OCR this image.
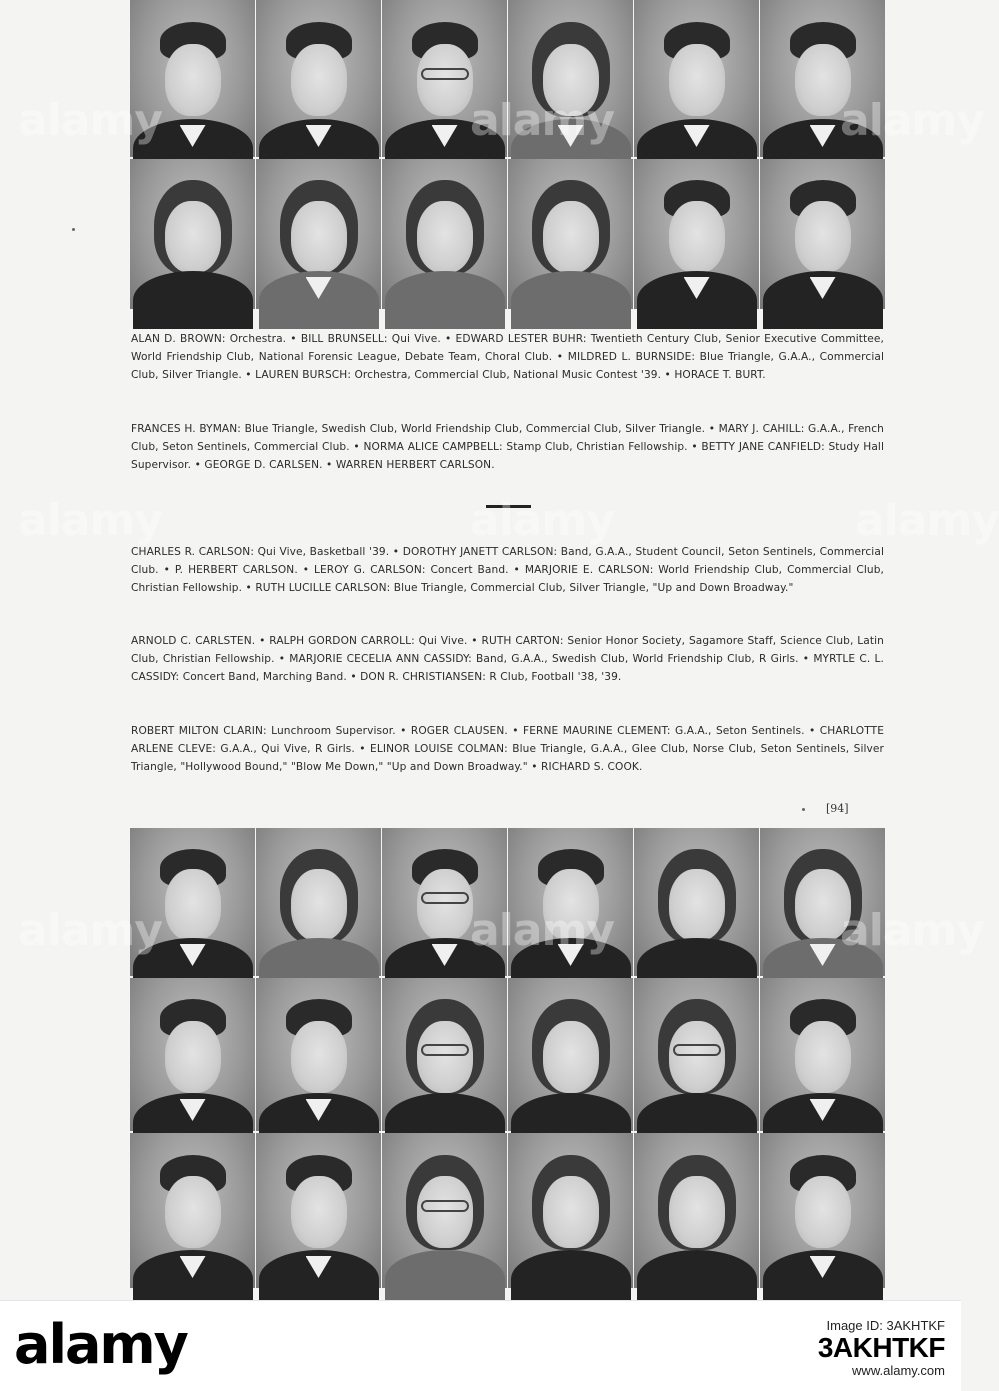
ALAN D. BROWN: Orchestra. • BILL BRUNSELL: Qui Vive. • EDWARD LESTER BUHR: Twentieth Century Club, Senior Executive Committee, World Friendship Club, National Forensic League, Debate Team, Choral Club. • MILDRED L. BURNSIDE: Blue Triangle, G.A.A., Commercial Club, Silver Triangle. • LAUREN BURSCH: Orchestra, Commercial Club, National Music Contest '39. • HORACE T. BURT.

FRANCES H. BYMAN: Blue Triangle, Swedish Club, World Friendship Club, Commercial Club, Silver Triangle. • MARY J. CAHILL: G.A.A., French Club, Seton Sentinels, Commercial Club. • NORMA ALICE CAMPBELL: Stamp Club, Christian Fellowship. • BETTY JANE CANFIELD: Study Hall Supervisor. • GEORGE D. CARLSEN. • WARREN HERBERT CARLSON.

CHARLES R. CARLSON: Qui Vive, Basketball '39. • DOROTHY JANETT CARLSON: Band, G.A.A., Student Council, Seton Sentinels, Commercial Club. • P. HERBERT CARLSON. • LEROY G. CARLSON: Concert Band. • MARJORIE E. CARLSON: World Friendship Club, Commercial Club, Christian Fellowship. • RUTH LUCILLE CARLSON: Blue Triangle, Commercial Club, Silver Triangle, "Up and Down Broadway."

ARNOLD C. CARLSTEN. • RALPH GORDON CARROLL: Qui Vive. • RUTH CARTON: Senior Honor Society, Sagamore Staff, Science Club, Latin Club, Christian Fellowship. • MARJORIE CECELIA ANN CASSIDY: Band, G.A.A., Swedish Club, World Friendship Club, R Girls. • MYRTLE C. L. CASSIDY: Concert Band, Marching Band. • DON R. CHRISTIANSEN: R Club, Football '38, '39.

ROBERT MILTON CLARIN: Lunchroom Supervisor. • ROGER CLAUSEN. • FERNE MAURINE CLEMENT: G.A.A., Seton Sentinels. • CHARLOTTE ARLENE CLEVE: G.A.A., Qui Vive, R Girls. • ELINOR LOUISE COLMAN: Blue Triangle, G.A.A., Glee Club, Norse Club, Seton Sentinels, Silver Triangle, "Hollywood Bound," "Blow Me Down," "Up and Down Broadway." • RICHARD S. COOK.

[94]
alamy	alamy	alamy
alamy	alamy	alamy
alamy	alamy	alamy
alamy	Image ID: 3AKHTKF
3AKHTKF
www.alamy.com
